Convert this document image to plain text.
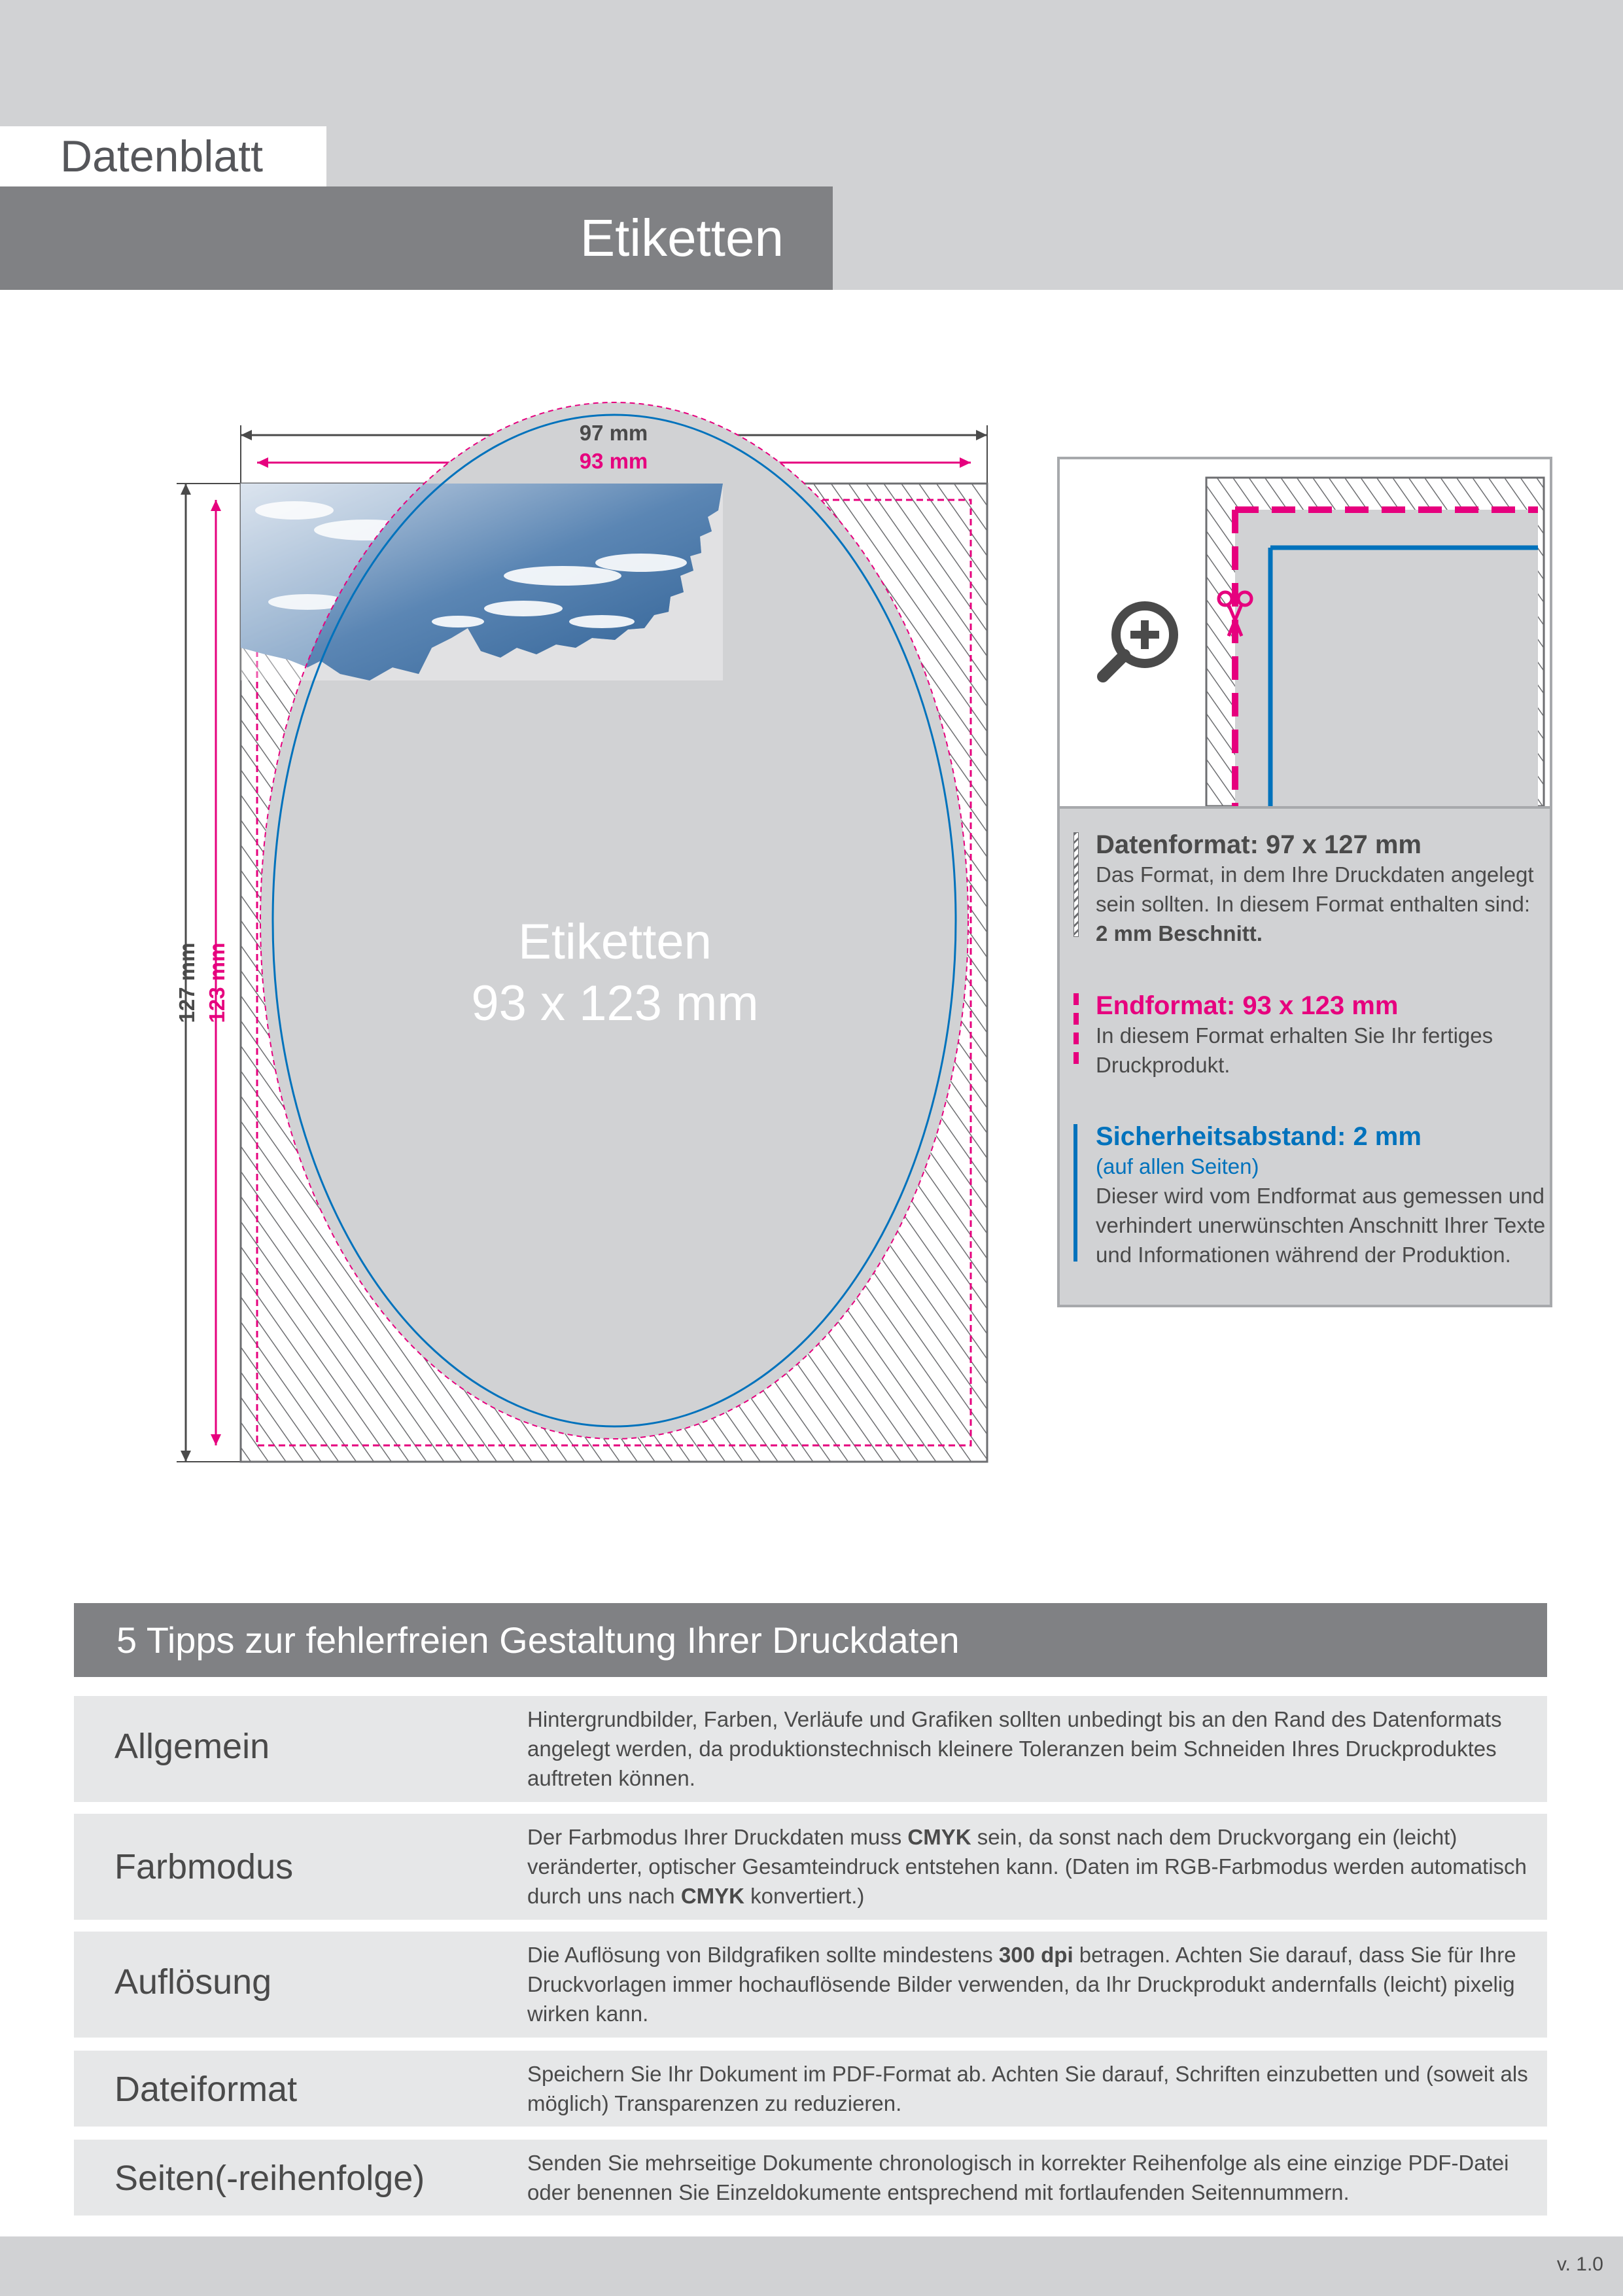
Datenblatt
Etiketten
97 mm
93 mm
127 mm 123 mm
Etiketten
93 x 123 mm
Datenformat: 97 x 127 mm
Das Format, in dem Ihre Druckdaten angelegt sein sollten. In diesem Format enthalten sind: 2 mm Beschnitt.
Endformat: 93 x 123 mm
In diesem Format erhalten Sie Ihr fertiges Druckprodukt.
Sicherheitsabstand: 2 mm
(auf allen Seiten)
Dieser wird vom Endformat aus gemessen und verhindert unerwünschten Anschnitt Ihrer Texte und Informationen während der Produktion.
5 Tipps zur fehlerfreien Gestaltung Ihrer Druckdaten
Allgemein
Hintergrundbilder, Farben, Verläufe und Grafiken sollten unbedingt bis an den Rand des Datenformats angelegt werden, da produktionstechnisch kleinere Toleranzen beim Schneiden Ihres Druckproduktes auftreten können.
Farbmodus
Der Farbmodus Ihrer Druckdaten muss CMYK sein, da sonst nach dem Druckvorgang ein (leicht) veränderter, optischer Gesamteindruck entstehen kann. (Daten im RGB-Farbmodus werden automatisch durch uns nach CMYK konvertiert.)
Auflösung
Die Auflösung von Bildgrafiken sollte mindestens 300 dpi betragen. Achten Sie darauf, dass Sie für Ihre Druckvorlagen immer hochauflösende Bilder verwenden, da Ihr Druckprodukt andernfalls (leicht) pixelig wirken kann.
Dateiformat	Speichern Sie Ihr Dokument im PDF-Format ab. Achten Sie darauf, Schriften einzubetten und (soweit als möglich) Transparenzen zu reduzieren.
Seiten(-reihenfolge)	Senden Sie mehrseitige Dokumente chronologisch in korrekter Reihenfolge als eine einzige PDF-Datei oder benennen Sie Einzeldokumente entsprechend mit fortlaufenden Seitennummern.
v. 1.0
